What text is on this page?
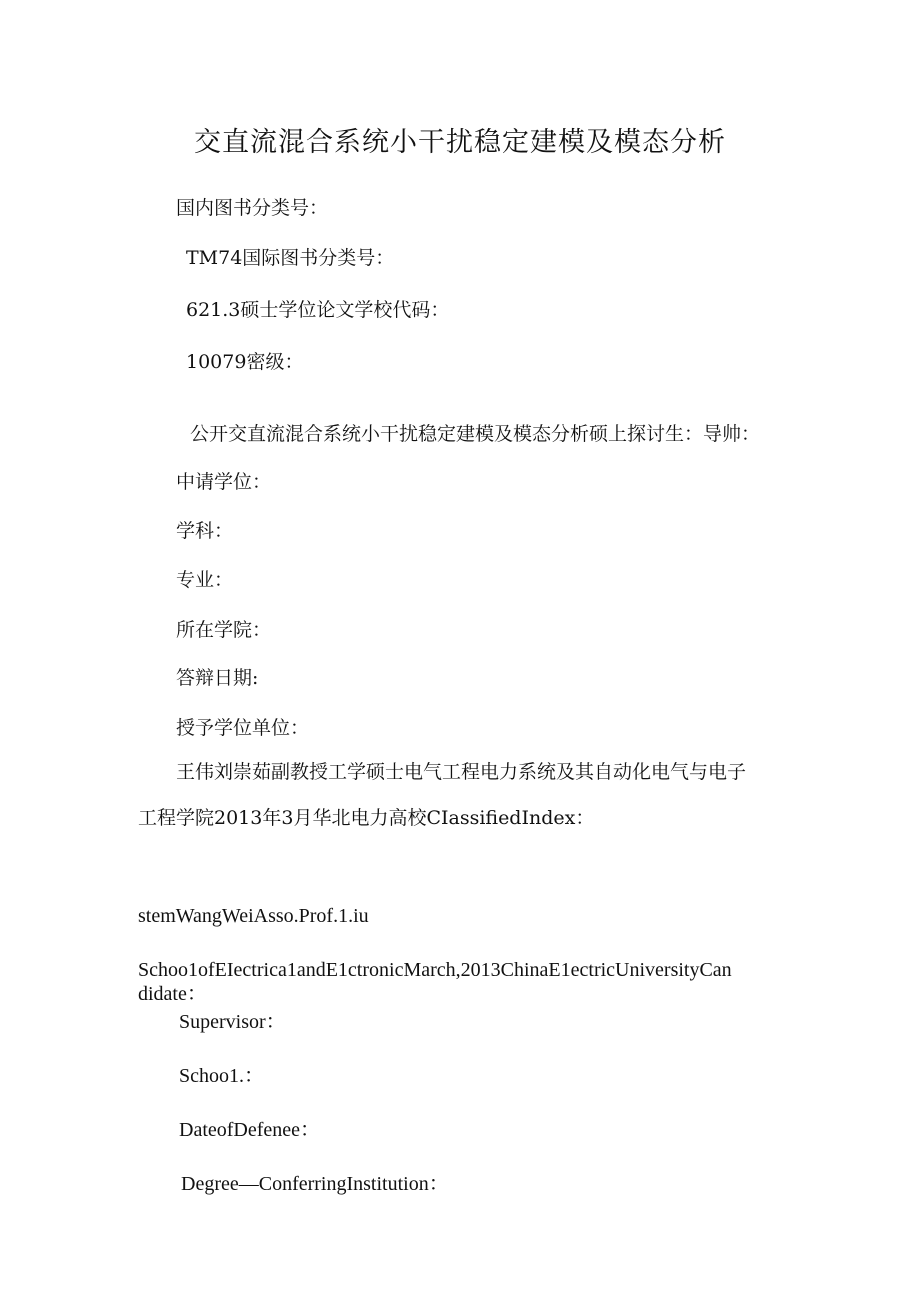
交直流混合系统小干扰稳定建模及模态分析
国内图书分类号：
TM74国际图书分类号：
621.3硕士学位论文学校代码：
10079密级：
公开交直流混合系统小干扰稳定建模及模态分析硕上探讨生：导帅：
中请学位：
学科：
专业：
所在学院：
答辩日期:
授予学位单位：
王伟刘崇茹副教授工学硕士电气工程电力系统及其自动化电气与电子
工程学院2013年3月华北电力高校CIassifiedIndex：
stemWangWeiAsso.Prof.1.iu
Schoo1ofEIectrica1andE1ctronicMarch,2013ChinaE1ectricUniversityCan
didate：
Supervisor：
Schoo1.：
DateofDefenee：
Degree—ConferringInstitution：
